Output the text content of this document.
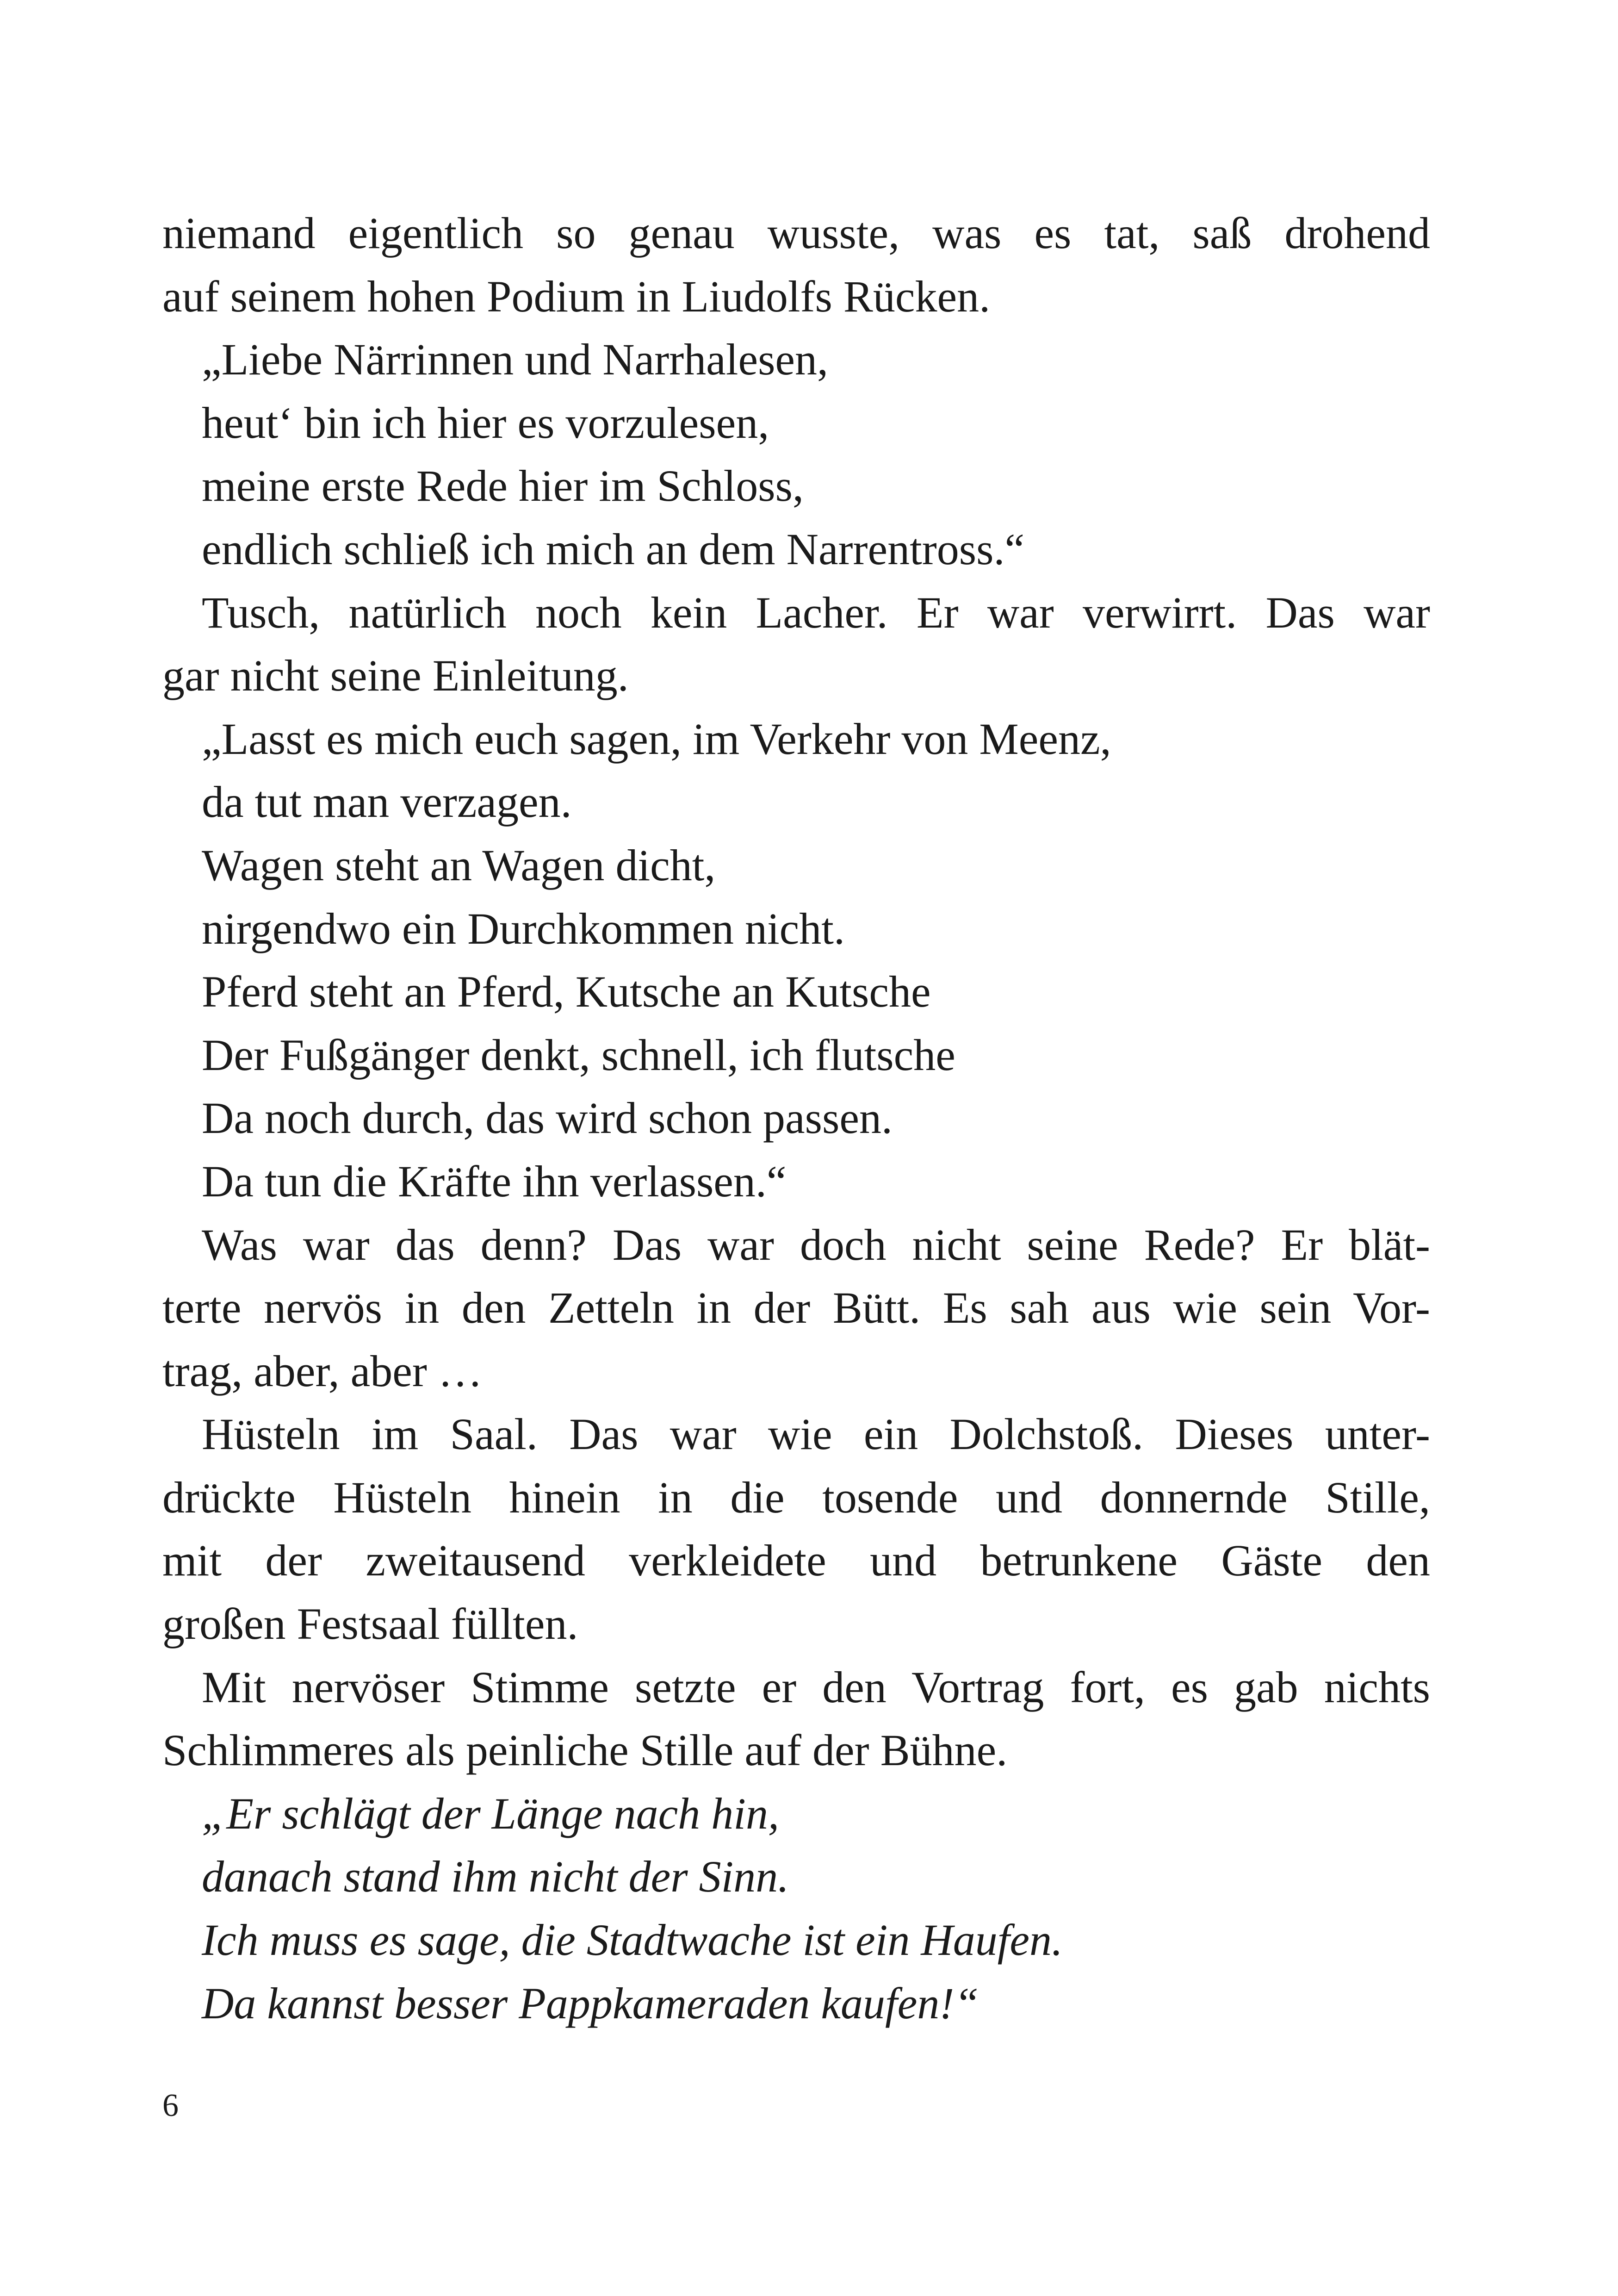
niemand eigentlich so genau wusste, was es tat, saß drohend
auf seinem hohen Podium in Liudolfs Rücken.
„Liebe Närrinnen und Narrhalesen,
heut‘ bin ich hier es vorzulesen,
meine erste Rede hier im Schloss,
endlich schließ ich mich an dem Narrentross.“
Tusch, natürlich noch kein Lacher. Er war verwirrt. Das war
gar nicht seine Einleitung.
„Lasst es mich euch sagen, im Verkehr von Meenz,
da tut man verzagen.
Wagen steht an Wagen dicht,
nirgendwo ein Durchkommen nicht.
Pferd steht an Pferd, Kutsche an Kutsche
Der Fußgänger denkt, schnell, ich flutsche
Da noch durch, das wird schon passen.
Da tun die Kräfte ihn verlassen.“
Was war das denn? Das war doch nicht seine Rede? Er blät-
terte nervös in den Zetteln in der Bütt. Es sah aus wie sein Vor-
trag, aber, aber …
Hüsteln im Saal. Das war wie ein Dolchstoß. Dieses unter-
drückte Hüsteln hinein in die tosende und donnernde Stille,
mit der zweitausend verkleidete und betrunkene Gäste den
großen Festsaal füllten.
Mit nervöser Stimme setzte er den Vortrag fort, es gab nichts
Schlimmeres als peinliche Stille auf der Bühne.
„Er schlägt der Länge nach hin,
danach stand ihm nicht der Sinn.
Ich muss es sage, die Stadtwache ist ein Haufen.
Da kannst besser Pappkameraden kaufen!“
6
